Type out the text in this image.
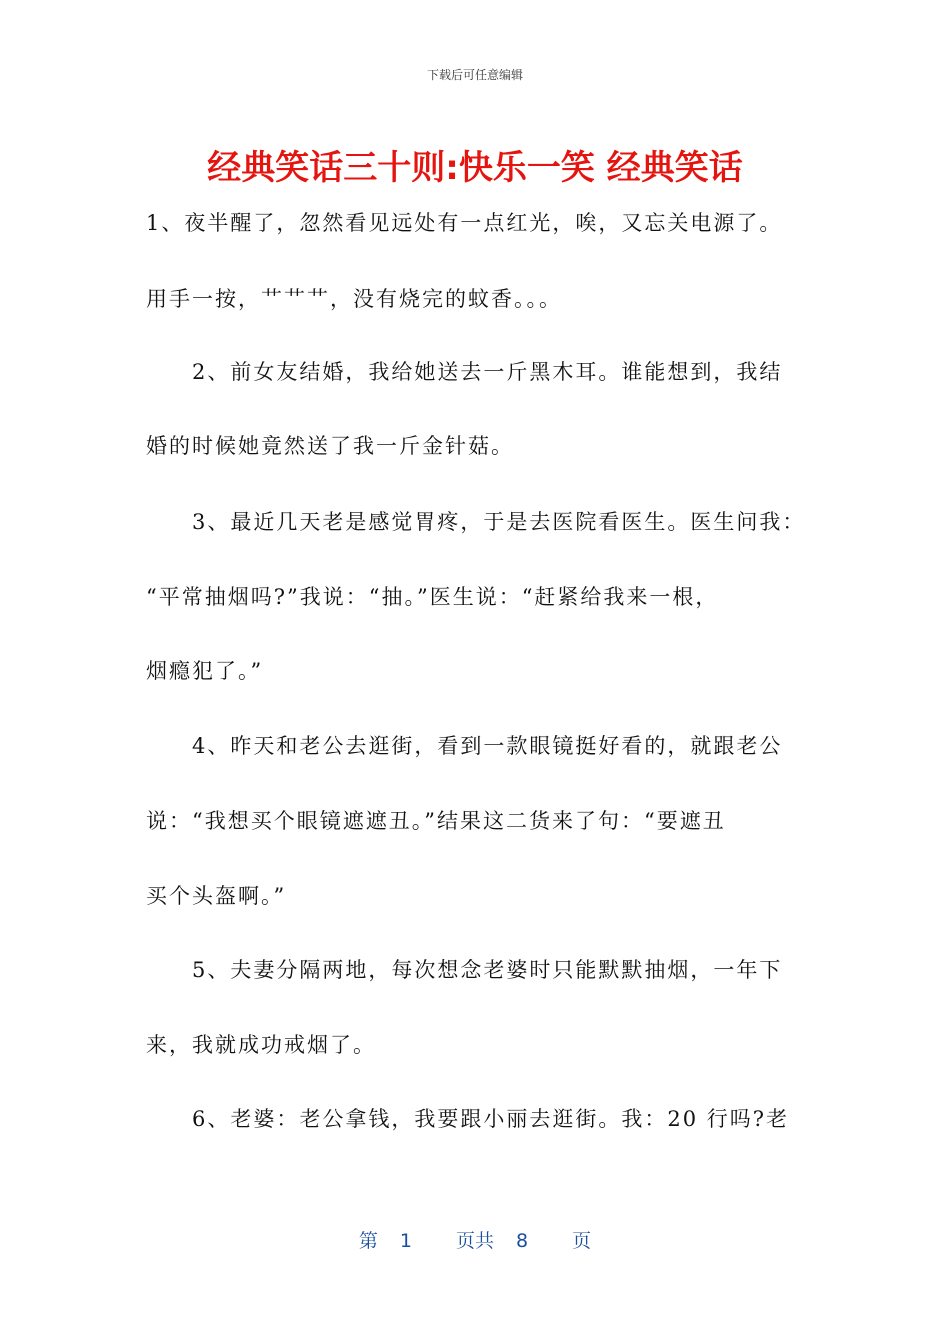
下载后可任意编辑
经典笑话三十则:快乐一笑 经典笑话
1、夜半醒了，忽然看见远处有一点红光，唉，又忘关电源了。
用手一按，艹艹艹，没有烧完的蚊香。。。
　　2、前女友结婚，我给她送去一斤黑木耳。谁能想到，我结
婚的时候她竟然送了我一斤金针菇。
　　3、最近几天老是感觉胃疼，于是去医院看医生。医生问我：
“平常抽烟吗?”我说：“抽。”医生说：“赶紧给我来一根，
烟瘾犯了。”
　　4、昨天和老公去逛街，看到一款眼镜挺好看的，就跟老公
说：“我想买个眼镜遮遮丑。”结果这二货来了句：“要遮丑
买个头盔啊。”
　　5、夫妻分隔两地，每次想念老婆时只能默默抽烟，一年下
来，我就成功戒烟了。
　　6、老婆：老公拿钱，我要跟小丽去逛街。我：20 行吗?老
第 1 页共 8 页
